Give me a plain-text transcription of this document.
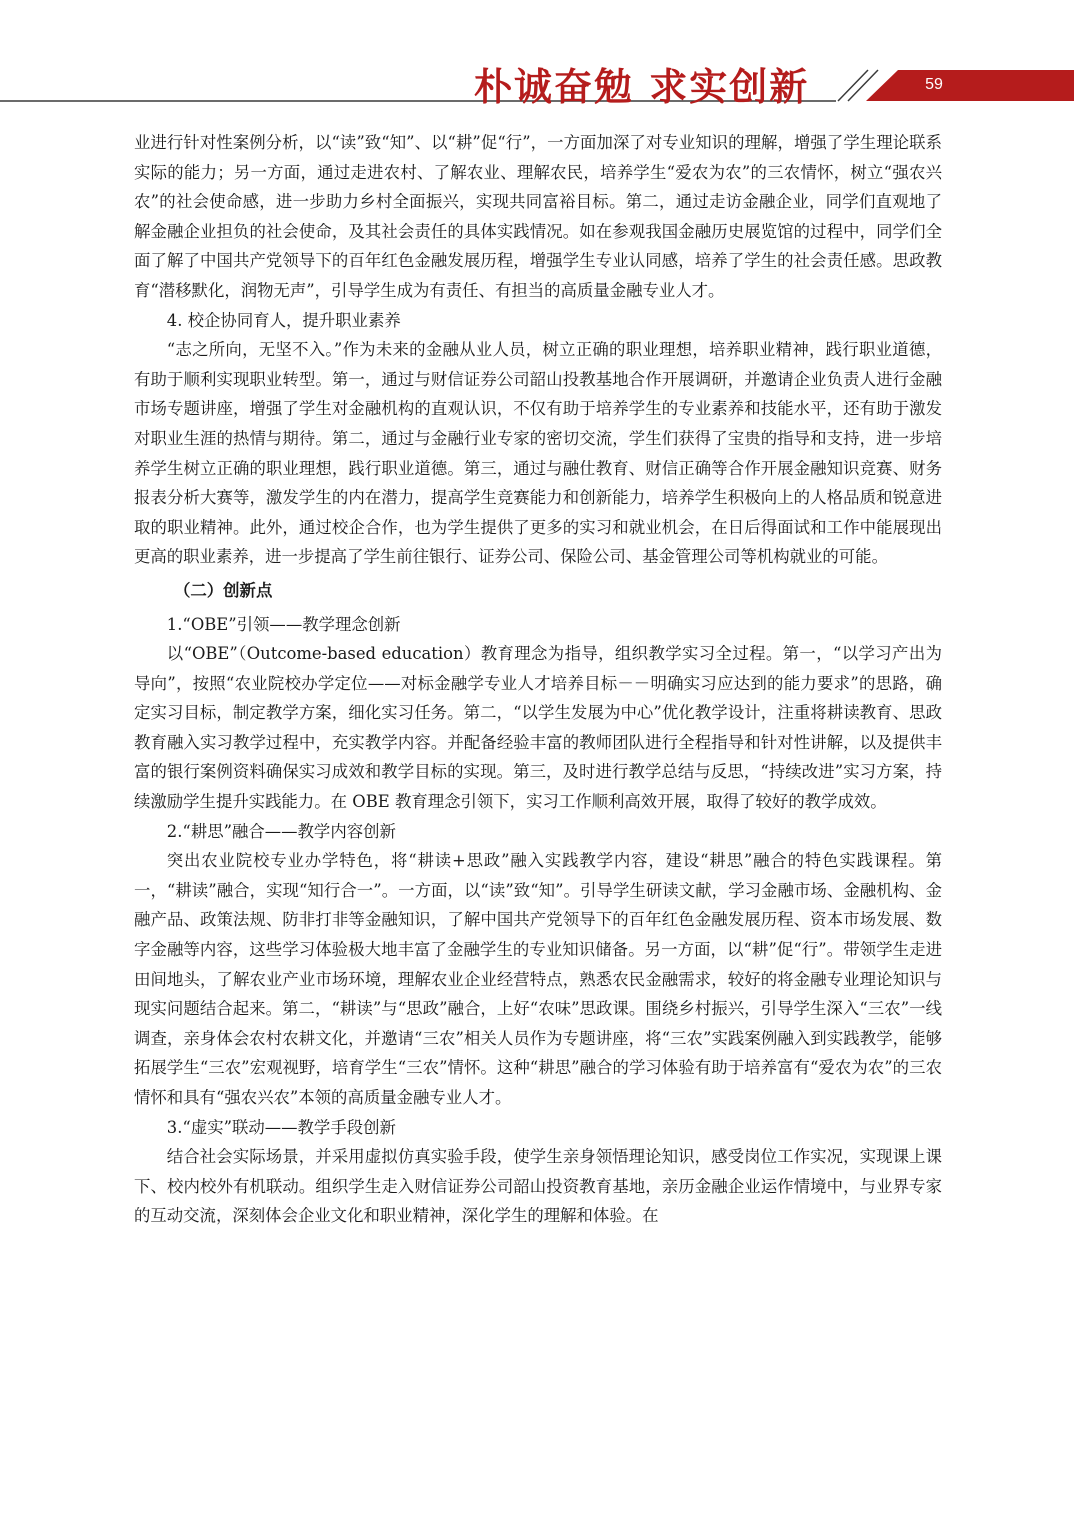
朴诚奋勉 求实创新	59

业进行针对性案例分析，以“读”致“知”、以“耕”促“行”，一方面加深了对专业知识的理解，增强了学生理论联系实际的能力；另一方面，通过走进农村、了解农业、理解农民，培养学生“爱农为农”的三农情怀，树立“强农兴农”的社会使命感，进一步助力乡村全面振兴，实现共同富裕目标。第二，通过走访金融企业，同学们直观地了解金融企业担负的社会使命，及其社会责任的具体实践情况。如在参观我国金融历史展览馆的过程中，同学们全面了解了中国共产党领导下的百年红色金融发展历程，增强学生专业认同感，培养了学生的社会责任感。思政教育“潜移默化，润物无声”，引导学生成为有责任、有担当的高质量金融专业人才。

4. 校企协同育人，提升职业素养

“志之所向，无坚不入。”作为未来的金融从业人员，树立正确的职业理想，培养职业精神，践行职业道德，有助于顺利实现职业转型。第一，通过与财信证券公司韶山投教基地合作开展调研，并邀请企业负责人进行金融市场专题讲座，增强了学生对金融机构的直观认识，不仅有助于培养学生的专业素养和技能水平，还有助于激发对职业生涯的热情与期待。第二，通过与金融行业专家的密切交流，学生们获得了宝贵的指导和支持，进一步培养学生树立正确的职业理想，践行职业道德。第三，通过与融仕教育、财信正确等合作开展金融知识竞赛、财务报表分析大赛等，激发学生的内在潜力，提高学生竞赛能力和创新能力，培养学生积极向上的人格品质和锐意进取的职业精神。此外，通过校企合作，也为学生提供了更多的实习和就业机会，在日后得面试和工作中能展现出更高的职业素养，进一步提高了学生前往银行、证券公司、保险公司、基金管理公司等机构就业的可能。

（二）创新点

1.“OBE”引领——教学理念创新

以“OBE”（Outcome-based education）教育理念为指导，组织教学实习全过程。第一，“以学习产出为导向”，按照“农业院校办学定位——对标金融学专业人才培养目标－－明确实习应达到的能力要求”的思路，确定实习目标，制定教学方案，细化实习任务。第二，“以学生发展为中心”优化教学设计，注重将耕读教育、思政教育融入实习教学过程中，充实教学内容。并配备经验丰富的教师团队进行全程指导和针对性讲解，以及提供丰富的银行案例资料确保实习成效和教学目标的实现。第三，及时进行教学总结与反思，“持续改进”实习方案，持续激励学生提升实践能力。在 OBE 教育理念引领下，实习工作顺利高效开展，取得了较好的教学成效。

2.“耕思”融合——教学内容创新

突出农业院校专业办学特色，将“耕读+思政”融入实践教学内容，建设“耕思”融合的特色实践课程。第一，“耕读”融合，实现“知行合一”。一方面，以“读”致“知”。引导学生研读文献，学习金融市场、金融机构、金融产品、政策法规、防非打非等金融知识，了解中国共产党领导下的百年红色金融发展历程、资本市场发展、数字金融等内容，这些学习体验极大地丰富了金融学生的专业知识储备。另一方面，以“耕”促“行”。带领学生走进田间地头，了解农业产业市场环境，理解农业企业经营特点，熟悉农民金融需求，较好的将金融专业理论知识与现实问题结合起来。第二，“耕读”与“思政”融合，上好“农味”思政课。围绕乡村振兴，引导学生深入“三农”一线调查，亲身体会农村农耕文化，并邀请“三农”相关人员作为专题讲座，将“三农”实践案例融入到实践教学，能够拓展学生“三农”宏观视野，培育学生“三农”情怀。这种“耕思”融合的学习体验有助于培养富有“爱农为农”的三农情怀和具有“强农兴农”本领的高质量金融专业人才。

3.“虚实”联动——教学手段创新

结合社会实际场景，并采用虚拟仿真实验手段，使学生亲身领悟理论知识，感受岗位工作实况，实现课上课下、校内校外有机联动。组织学生走入财信证券公司韶山投资教育基地，亲历金融企业运作情境中，与业界专家的互动交流，深刻体会企业文化和职业精神，深化学生的理解和体验。在
